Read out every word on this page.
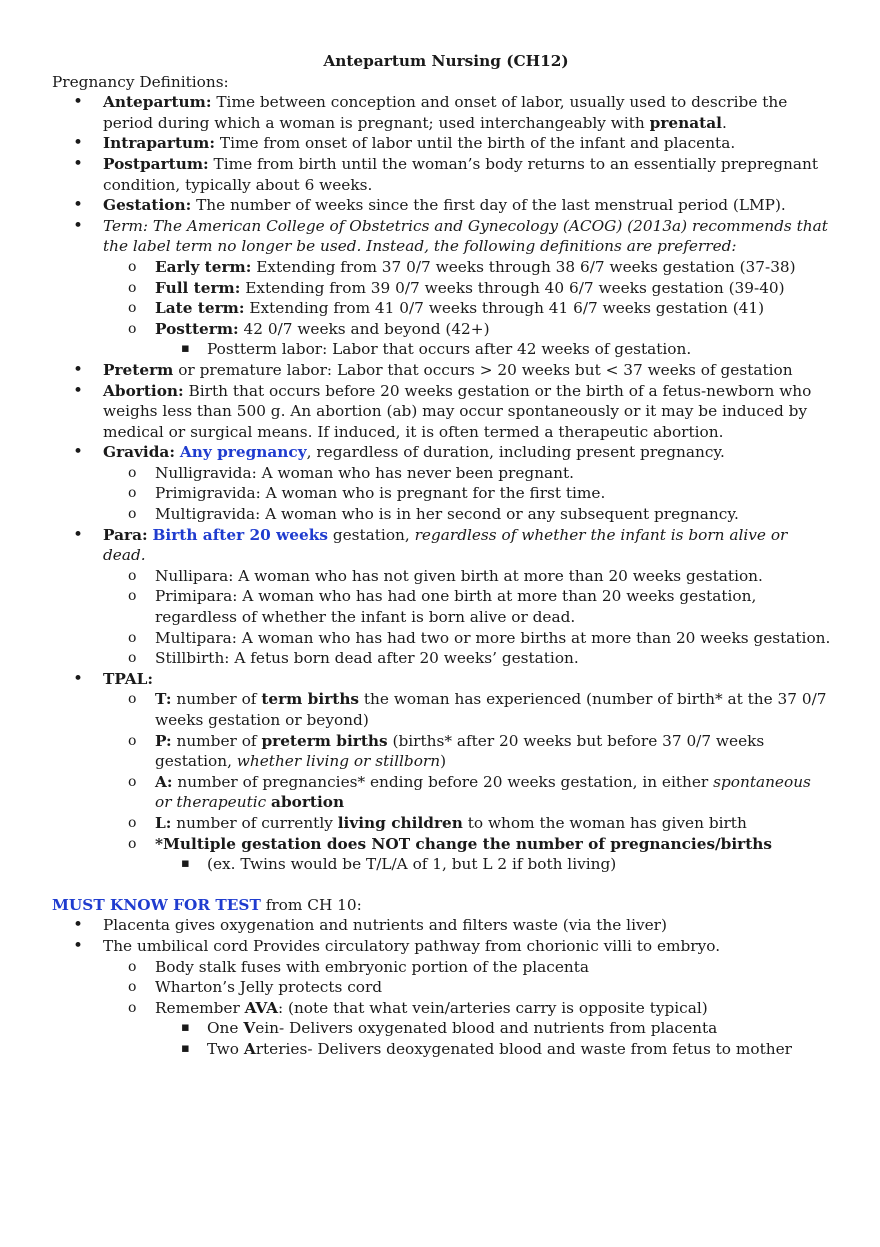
Antepartum Nursing (CH12)

Pregnancy Definitions:

• Antepartum: Time between conception and onset of labor, usually used to describe the period during which a woman is pregnant; used interchangeably with prenatal.
• Intrapartum: Time from onset of labor until the birth of the infant and placenta.
• Postpartum: Time from birth until the woman’s body returns to an essentially prepregnant condition, typically about 6 weeks.
• Gestation: The number of weeks since the first day of the last menstrual period (LMP).
• Term: The American College of Obstetrics and Gynecology (ACOG) (2013a) recommends that the label term no longer be used. Instead, the following definitions are preferred:
o Early term: Extending from 37 0/7 weeks through 38 6/7 weeks gestation (37-38)
o Full term: Extending from 39 0/7 weeks through 40 6/7 weeks gestation (39-40)
o Late term: Extending from 41 0/7 weeks through 41 6/7 weeks gestation (41)
o Postterm: 42 0/7 weeks and beyond (42+)
▪ Postterm labor: Labor that occurs after 42 weeks of gestation.
• Preterm or premature labor: Labor that occurs > 20 weeks but < 37 weeks of gestation
• Abortion: Birth that occurs before 20 weeks gestation or the birth of a fetus-newborn who weighs less than 500 g. An abortion (ab) may occur spontaneously or it may be induced by medical or surgical means. If induced, it is often termed a therapeutic abortion.
• Gravida: Any pregnancy, regardless of duration, including present pregnancy.
o Nulligravida: A woman who has never been pregnant.
o Primigravida: A woman who is pregnant for the first time.
o Multigravida: A woman who is in her second or any subsequent pregnancy.
• Para: Birth after 20 weeks gestation, regardless of whether the infant is born alive or dead.
o Nullipara: A woman who has not given birth at more than 20 weeks gestation.
o Primipara: A woman who has had one birth at more than 20 weeks gestation, regardless of whether the infant is born alive or dead.
o Multipara: A woman who has had two or more births at more than 20 weeks gestation.
o Stillbirth: A fetus born dead after 20 weeks’ gestation.
• TPAL:
o T: number of term births the woman has experienced (number of birth* at the 37 0/7 weeks gestation or beyond)
o P: number of preterm births (births* after 20 weeks but before 37 0/7 weeks gestation, whether living or stillborn)
o A: number of pregnancies* ending before 20 weeks gestation, in either spontaneous or therapeutic abortion
o L: number of currently living children to whom the woman has given birth
o *Multiple gestation does NOT change the number of pregnancies/births
▪ (ex. Twins would be T/L/A of 1, but L 2 if both living)

MUST KNOW FOR TEST from CH 10:

• Placenta gives oxygenation and nutrients and filters waste (via the liver)
• The umbilical cord Provides circulatory pathway from chorionic villi to embryo.
o Body stalk fuses with embryonic portion of the placenta
o Wharton’s Jelly protects cord
o Remember AVA: (note that what vein/arteries carry is opposite typical)
▪ One Vein- Delivers oxygenated blood and nutrients from placenta
▪ Two Arteries- Delivers deoxygenated blood and waste from fetus to mother
